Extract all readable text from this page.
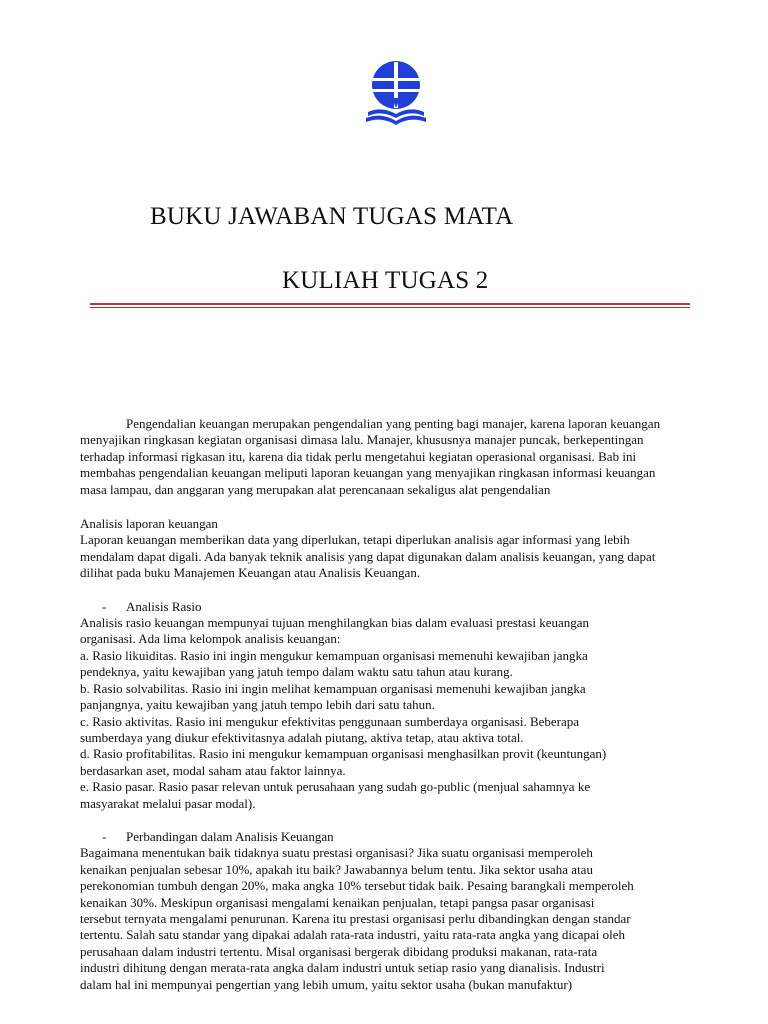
BUKU JAWABAN TUGAS MATA
KULIAH TUGAS 2

Pengendalian keuangan merupakan pengendalian yang penting bagi manajer, karena laporan keuangan

menyajikan ringkasan kegiatan organisasi dimasa lalu. Manajer, khususnya manajer puncak, berkepentingan
terhadap informasi rigkasan itu, karena dia tidak perlu mengetahui kegiatan operasional organisasi. Bab ini
membahas pengendalian keuangan meliputi laporan keuangan yang menyajikan ringkasan informasi keuangan
masa lampau, dan anggaran yang merupakan alat perencanaan sekaligus alat pengendalian

Analisis laporan keuangan
Laporan keuangan memberikan data yang diperlukan, tetapi diperlukan analisis agar informasi yang lebih
mendalam dapat digali. Ada banyak teknik analisis yang dapat digunakan dalam analisis keuangan, yang dapat
dilihat pada buku Manajemen Keuangan atau Analisis Keuangan.

- Analisis Rasio

Analisis rasio keuangan mempunyai tujuan menghilangkan bias dalam evaluasi prestasi keuangan
organisasi. Ada lima kelompok analisis keuangan:
a. Rasio likuiditas. Rasio ini ingin mengukur kemampuan organisasi memenuhi kewajiban jangka
pendeknya, yaitu kewajiban yang jatuh tempo dalam waktu satu tahun atau kurang.
b. Rasio solvabilitas. Rasio ini ingin melihat kemampuan organisasi memenuhi kewajiban jangka
panjangnya, yaitu kewajiban yang jatuh tempo lebih dari satu tahun.
c. Rasio aktivitas. Rasio ini mengukur efektivitas penggunaan sumberdaya organisasi. Beberapa
sumberdaya yang diukur efektivitasnya adalah piutang, aktiva tetap, atau aktiva total.
d. Rasio profitabilitas. Rasio ini mengukur kemampuan organisasi menghasilkan provit (keuntungan)
berdasarkan aset, modal saham atau faktor lainnya.
e. Rasio pasar. Rasio pasar relevan untuk perusahaan yang sudah go-public (menjual sahamnya ke
masyarakat melalui pasar modal).

- Perbandingan dalam Analisis Keuangan

Bagaimana menentukan baik tidaknya suatu prestasi organisasi? Jika suatu organisasi memperoleh
kenaikan penjualan sebesar 10%, apakah itu baik? Jawabannya belum tentu. Jika sektor usaha atau
perekonomian tumbuh dengan 20%, maka angka 10% tersebut tidak baik. Pesaing barangkali memperoleh
kenaikan 30%. Meskipun organisasi mengalami kenaikan penjualan, tetapi pangsa pasar organisasi
tersebut ternyata mengalami penurunan. Karena itu prestasi organisasi perlu dibandingkan dengan standar
tertentu. Salah satu standar yang dipakai adalah rata-rata industri, yaitu rata-rata angka yang dicapai oleh
perusahaan dalam industri tertentu. Misal organisasi bergerak dibidang produksi makanan, rata-rata
industri dihitung dengan merata-rata angka dalam industri untuk setiap rasio yang dianalisis. Industri
dalam hal ini mempunyai pengertian yang lebih umum, yaitu sektor usaha (bukan manufaktur)
